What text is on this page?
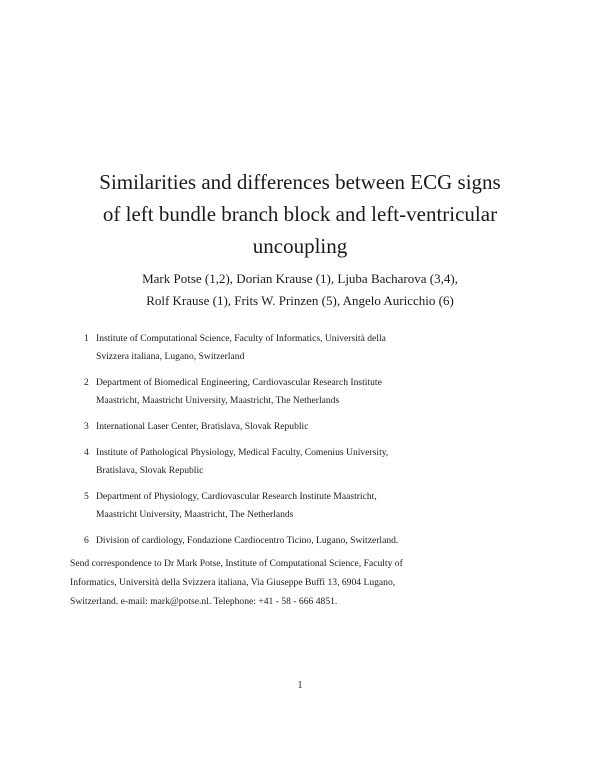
Similarities and differences between ECG signs
of left bundle branch block and left-ventricular
uncoupling

Mark Potse (1,2), Dorian Krause (1), Ljuba Bacharova (3,4),
Rolf Krause (1), Frits W. Prinzen (5), Angelo Auricchio (6)

1 Institute of Computational Science, Faculty of Informatics, Università della
Svizzera italiana, Lugano, Switzerland
2 Department of Biomedical Engineering, Cardiovascular Research Institute
Maastricht, Maastricht University, Maastricht, The Netherlands
3 International Laser Center, Bratislava, Slovak Republic
4 Institute of Pathological Physiology, Medical Faculty, Comenius University,
Bratislava, Slovak Republic
5 Department of Physiology, Cardiovascular Research Institute Maastricht,
Maastricht University, Maastricht, The Netherlands
6 Division of cardiology, Fondazione Cardiocentro Ticino, Lugano, Switzerland.

Send correspondence to Dr Mark Potse, Institute of Computational Science, Faculty of
Informatics, Università della Svizzera italiana, Via Giuseppe Buffi 13, 6904 Lugano,
Switzerland. e-mail: mark@potse.nl. Telephone: +41 - 58 - 666 4851.

1
